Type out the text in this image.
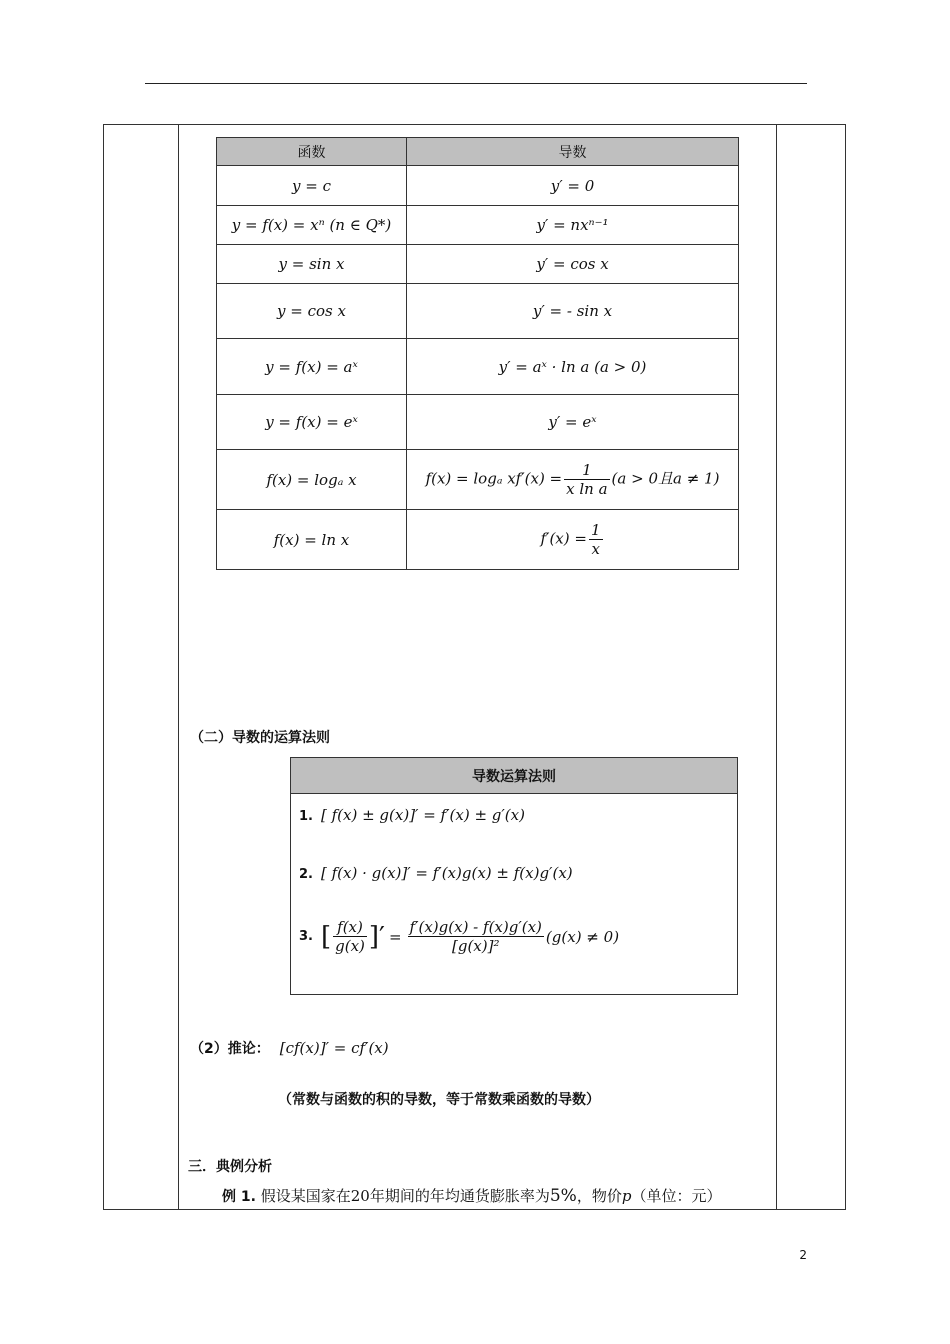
函数	导数
y = c	y′ = 0
y = f(x) = xⁿ (n ∈ Q*)	y′ = nxⁿ⁻¹
y = sin x	y′ = cos x
y = cos x	y′ = - sin x
y = f(x) = aˣ	y′ = aˣ · ln a (a > 0)
y = f(x) = eˣ	y′ = eˣ
f(x) = logₐ x	f(x) = logₐ $xf'(x) = \frac{1}{\text{x ln a}} (a > 0$且a ≠ 1)
f(x) = ln x	$f'(x) = \frac{1}{x}$
（二）导数的运算法则
导数运算法则
1. [ f(x) ± g(x)]′ = f′(x) ± g′(x)
2. [ f(x) · g(x)]′ = f′(x)g(x) ± f(x)g′(x)
3. [ $\frac{f(x)}{g(x)}$ ]′ = $\frac{f'(x)g(x) - f(x)g'(x)}{\text{[g(x)]²}} (g(x) \ne 0)$
（2）推论： [cf(x)]′ = cf′(x)
（常数与函数的积的导数，等于常数乘函数的导数）
三．典例分析
例 1. 假设某国家在20年期间的年均通货膨胀率为5%，物价p（单位：元）
2
